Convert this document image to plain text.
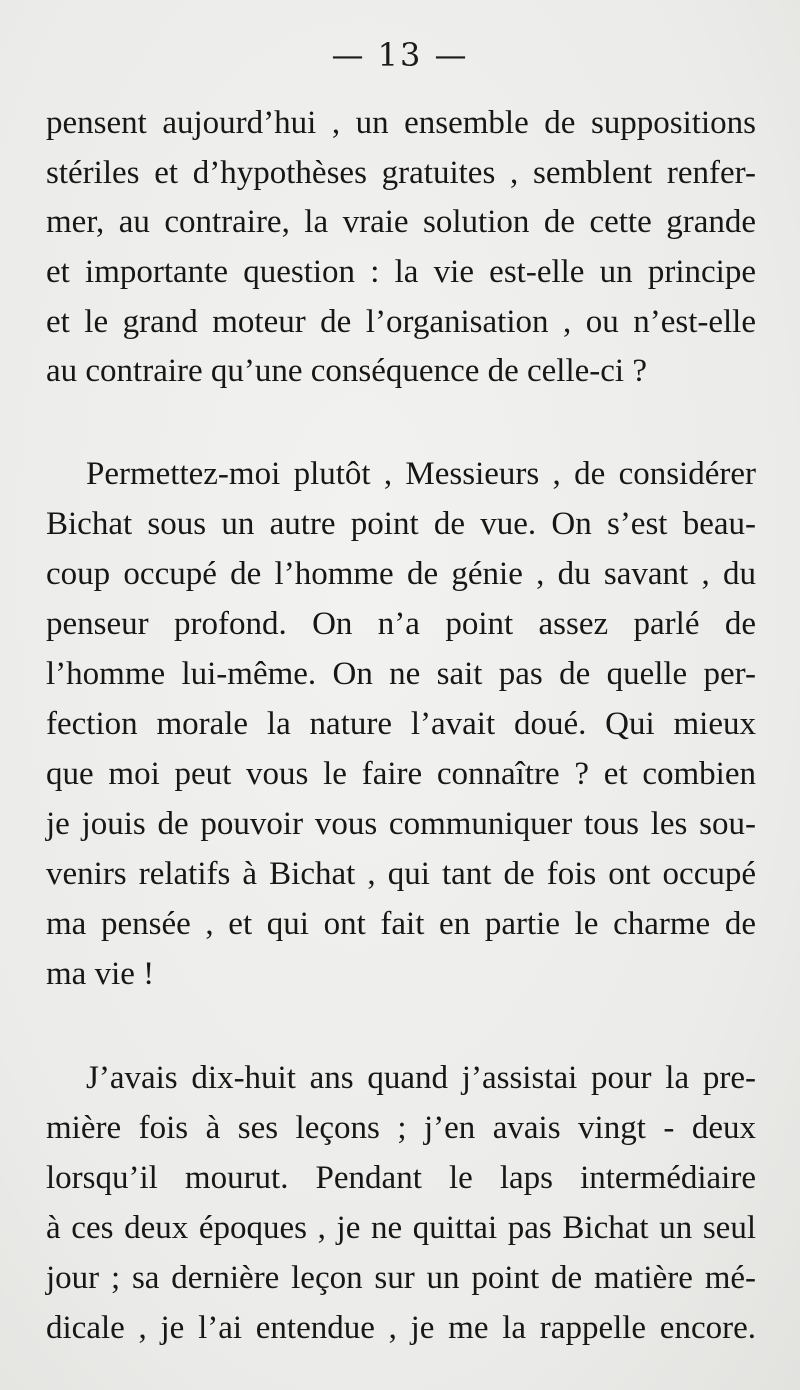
— 13 —
pensent aujourd’hui , un ensemble de suppositions
stériles et d’hypothèses gratuites , semblent renfer-
mer, au contraire, la vraie solution de cette grande
et importante question : la vie est-elle un principe
et le grand moteur de l’organisation , ou n’est-elle
au contraire qu’une conséquence de celle-ci ?
Permettez-moi plutôt , Messieurs , de considérer
Bichat sous un autre point de vue. On s’est beau-
coup occupé de l’homme de génie , du savant , du
penseur profond. On n’a point assez parlé de
l’homme lui-même. On ne sait pas de quelle per-
fection morale la nature l’avait doué. Qui mieux
que moi peut vous le faire connaître ? et combien
je jouis de pouvoir vous communiquer tous les sou-
venirs relatifs à Bichat , qui tant de fois ont occupé
ma pensée , et qui ont fait en partie le charme de
ma vie !
J’avais dix-huit ans quand j’assistai pour la pre-
mière fois à ses leçons ; j’en avais vingt - deux
lorsqu’il mourut. Pendant le laps intermédiaire
à ces deux époques , je ne quittai pas Bichat un seul
jour ; sa dernière leçon sur un point de matière mé-
dicale , je l’ai entendue , je me la rappelle encore.
